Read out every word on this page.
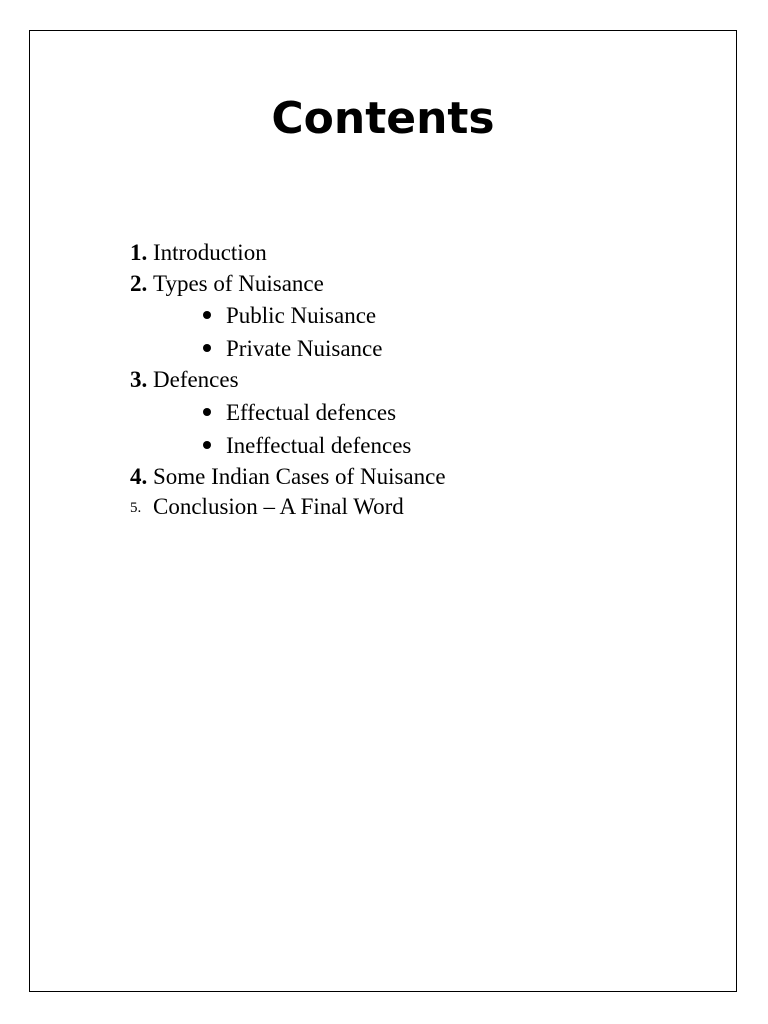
Contents
1. Introduction
2. Types of Nuisance
Public Nuisance
Private Nuisance
3. Defences
Effectual defences
Ineffectual defences
4. Some Indian Cases of Nuisance
5. Conclusion – A Final Word
